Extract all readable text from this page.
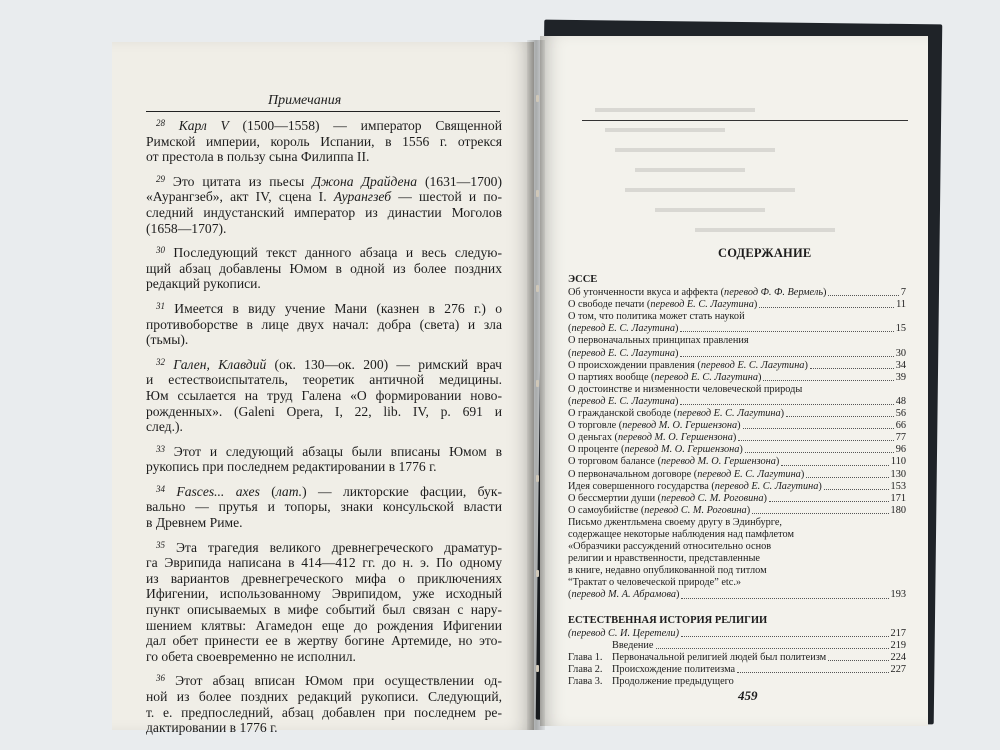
Примечания
$^{28}$ Карл V (1500—1558) — император Священной
Римской империи, король Испании, в 1556 г. отрекся
от престола в пользу сына Филиппа II.
$^{29}$ Это цитата из пьесы Джона Драйдена (1631—1700)
«Аурангзеб», акт IV, сцена I. Аурангзеб — шестой и по-
следний индустанский император из династии Моголов
(1658—1707).
$^{30}$ Последующий текст данного абзаца и весь следую-
щий абзац добавлены Юмом в одной из более поздних
редакций рукописи.
$^{31}$ Имеется в виду учение Мани (казнен в 276 г.) о
противоборстве в лице двух начал: добра (света) и зла
(тьмы).
$^{32}$ Гален, Клавдий (ок. 130—ок. 200) — римский врач
и естествоиспытатель, теоретик античной медицины.
Юм ссылается на труд Галена «О формировании ново-
рожденных». (Galeni Opera, I, 22, lib. IV, p. 691 и
след.).
$^{33}$ Этот и следующий абзацы были вписаны Юмом в
рукопись при последнем редактировании в 1776 г.
$^{34}$ Fasces... axes (лат.) — ликторские фасции, бук-
вально — прутья и топоры, знаки консульской власти
в Древнем Риме.
$^{35}$ Эта трагедия великого древнегреческого драматур-
га Эврипида написана в 414—412 гг. до н. э. По одному
из вариантов древнегреческого мифа о приключениях
Ифигении, использованному Эврипидом, уже исходный
пункт описываемых в мифе событий был связан с нару-
шением клятвы: Агамедон еще до рождения Ифигении
дал обет принести ее в жертву богине Артемиде, но это-
го обета своевременно не исполнил.
$^{36}$ Этот абзац вписан Юмом при осуществлении од-
ной из более поздних редакций рукописи. Следующий,
т. е. предпоследний, абзац добавлен при последнем ре-
дактировании в 1776 г.
СОДЕРЖАНИЕ
ЭССЕ
Об утонченности вкуса и аффекта (перевод Ф. Ф. Вермель)	7
О свободе печати (перевод Е. С. Лагутина)	11
О том, что политика может стать наукой
(перевод Е. С. Лагутина)	15
О первоначальных принципах правления
(перевод Е. С. Лагутина)	30
О происхождении правления (перевод Е. С. Лагутина)	34
О партиях вообще (перевод Е. С. Лагутина)	39
О достоинстве и низменности человеческой природы
(перевод Е. С. Лагутина)	48
О гражданской свободе (перевод Е. С. Лагутина)	56
О торговле (перевод М. О. Гершензона)	66
О деньгах (перевод М. О. Гершензона)	77
О проценте (перевод М. О. Гершензона)	96
О торговом балансе (перевод М. О. Гершензона)	110
О первоначальном договоре (перевод Е. С. Лагутина)	130
Идея совершенного государства (перевод Е. С. Лагутина)	153
О бессмертии души (перевод С. М. Роговина)	171
О самоубийстве (перевод С. М. Роговина)	180
Письмо джентльмена своему другу в Эдинбурге,
содержащее некоторые наблюдения над памфлетом
«Образчики рассуждений относительно основ
религии и нравственности, представленные
в книге, недавно опубликованной под титлом
“Трактат о человеческой природе” etc.»
(перевод М. А. Абрамова)	193
ЕСТЕСТВЕННАЯ ИСТОРИЯ РЕЛИГИИ
(перевод С. И. Церетели)	217
Введение	219
Глава 1. Первоначальной религией людей был политеизм	224
Глава 2. Происхождение политеизма	227
Глава 3. Продолжение предыдущего
459
